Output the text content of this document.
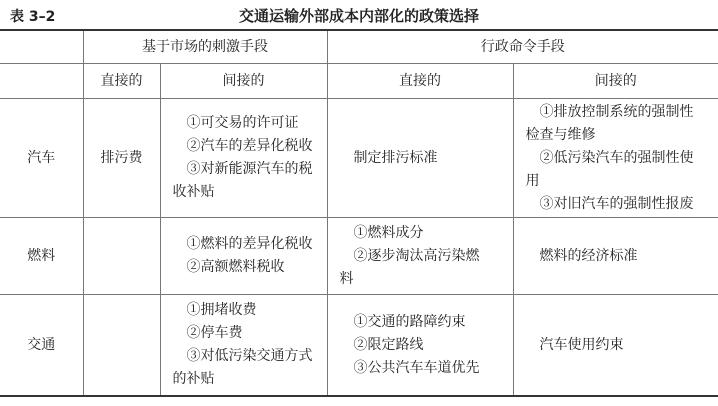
表 3–2	交通运输外部成本内部化的政策选择
	基于市场的刺激手段		行政命令手段	
	直接的	间接的	直接的	间接的
汽车	排污费	①可交易的许可证
②汽车的差异化税收
③对新能源汽车的税
收补贴	制定排污标准	①排放控制系统的强制性
检查与维修
②低污染汽车的强制性使
用
③对旧汽车的强制性报废

燃料		①燃料的差异化税收
②高额燃料税收	①燃料成分
②逐步淘汰高污染燃
料	燃料的经济标准

交通		①拥堵收费
②停车费
③对低污染交通方式
的补贴	①交通的路障约束
②限定路线
③公共汽车车道优先	汽车使用约束
